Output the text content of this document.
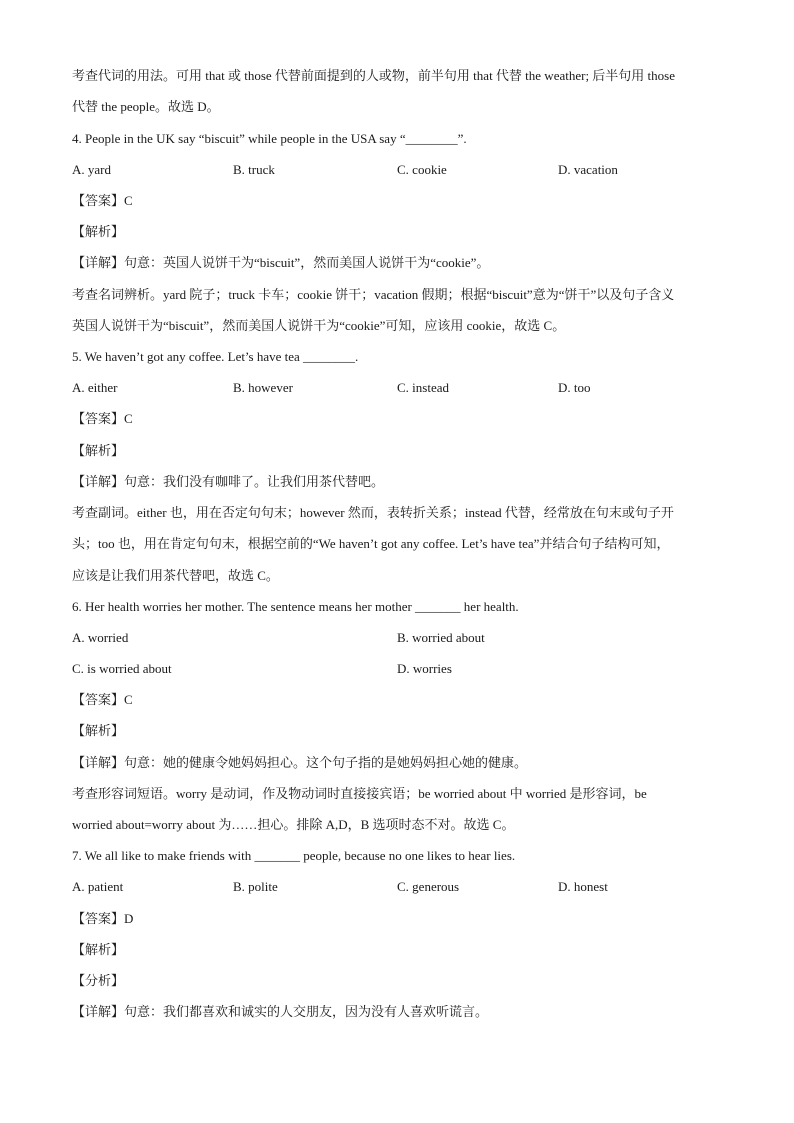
考查代词的用法。可用 that 或 those 代替前面提到的人或物，前半句用 that 代替 the weather; 后半句用 those
代替 the people。故选 D。
4. People in the UK say “biscuit” while people in the USA say “________”.
A. yard	B. truck	C. cookie	D. vacation
【答案】C
【解析】
【详解】句意：英国人说饼干为“biscuit”，然而美国人说饼干为“cookie”。
考查名词辨析。yard 院子；truck 卡车；cookie 饼干；vacation 假期；根据“biscuit”意为“饼干”以及句子含义
英国人说饼干为“biscuit”，然而美国人说饼干为“cookie”可知，应该用 cookie，故选 C。
5. We haven’t got any coffee. Let’s have tea ________.
A. either	B. however	C. instead	D. too
【答案】C
【解析】
【详解】句意：我们没有咖啡了。让我们用茶代替吧。
考查副词。either 也，用在否定句句末；however 然而，表转折关系；instead 代替，经常放在句末或句子开
头；too 也，用在肯定句句末，根据空前的“We haven’t got any coffee. Let’s have tea”并结合句子结构可知，
应该是让我们用茶代替吧，故选 C。
6. Her health worries her mother. The sentence means her mother _______ her health.
A. worried	B. worried about
C. is worried about	D. worries
【答案】C
【解析】
【详解】句意：她的健康令她妈妈担心。这个句子指的是她妈妈担心她的健康。
考查形容词短语。worry 是动词，作及物动词时直接接宾语；be worried about 中 worried 是形容词，be
worried about=worry about 为……担心。排除 A,D，B 选项时态不对。故选 C。
7. We all like to make friends with _______ people, because no one likes to hear lies.
A. patient	B. polite	C. generous	D. honest
【答案】D
【解析】
【分析】
【详解】句意：我们都喜欢和诚实的人交朋友，因为没有人喜欢听谎言。
